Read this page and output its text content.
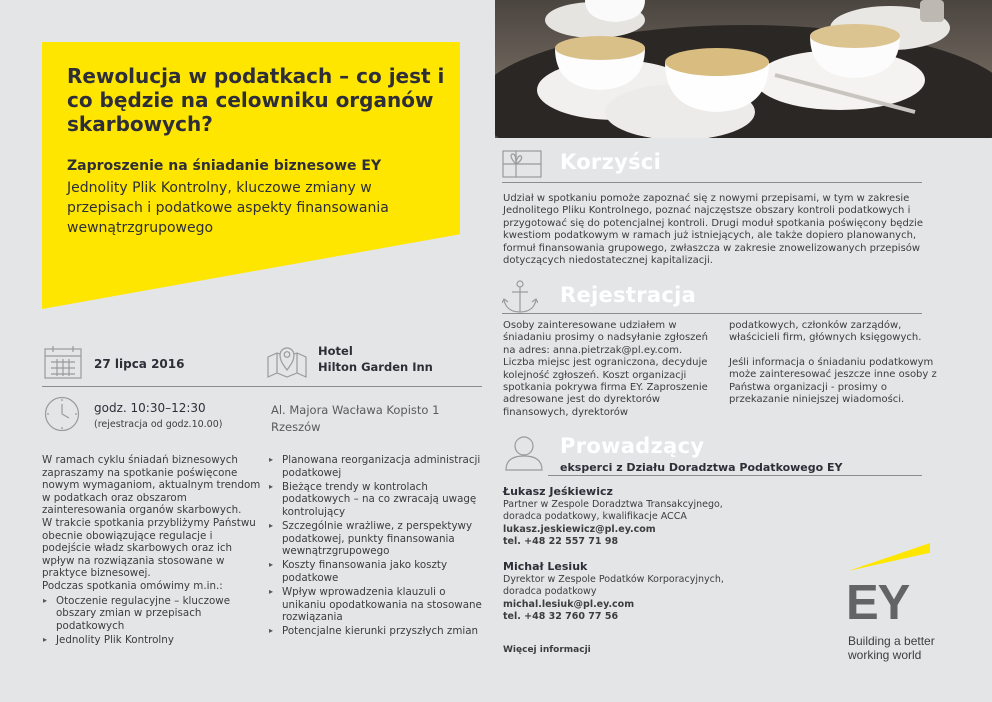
Rewolucja w podatkach – co jest i co będzie na celowniku organów skarbowych?
Zaproszenie na śniadanie biznesowe EY
Jednolity Plik Kontrolny, kluczowe zmiany w przepisach i podatkowe aspekty finansowania wewnątrzgrupowego
27 lipca 2016
Hotel
Hilton Garden Inn
godz. 10:30–12:30
(rejestracja od godz.10.00)
Al. Majora Wacława Kopisto 1
Rzeszów
W ramach cyklu śniadań biznesowych zapraszamy na spotkanie poświęcone nowym wymaganiom, aktualnym trendom w podatkach oraz obszarom zainteresowania organów skarbowych.
W trakcie spotkania przybliżymy Państwu obecnie obowiązujące regulacje i podejście władz skarbowych oraz ich wpływ na rozwiązania stosowane w praktyce biznesowej.
Podczas spotkania omówimy m.in.:
▸ Otoczenie regulacyjne – kluczowe obszary zmian w przepisach podatkowych
▸ Jednolity Plik Kontrolny
▸ Planowana reorganizacja administracji podatkowej
▸ Bieżące trendy w kontrolach podatkowych – na co zwracają uwagę kontrolujący
▸ Szczególnie wrażliwe, z perspektywy podatkowej, punkty finansowania wewnątrzgrupowego
▸ Koszty finansowania jako koszty podatkowe
▸ Wpływ wprowadzenia klauzuli o unikaniu opodatkowania na stosowane rozwiązania
▸ Potencjalne kierunki przyszłych zmian
Korzyści
Udział w spotkaniu pomoże zapoznać się z nowymi przepisami, w tym w zakresie Jednolitego Pliku Kontrolnego, poznać najczęstsze obszary kontroli podatkowych i przygotować się do potencjalnej kontroli. Drugi moduł spotkania poświęcony będzie kwestiom podatkowym w ramach już istniejących, ale także dopiero planowanych, formuł finansowania grupowego, zwłaszcza w zakresie znowelizowanych przepisów dotyczących niedostatecznej kapitalizacji.
Rejestracja
Osoby zainteresowane udziałem w śniadaniu prosimy o nadsyłanie zgłoszeń na adres: anna.pietrzak@pl.ey.com. Liczba miejsc jest ograniczona, decyduje kolejność zgłoszeń. Koszt organizacji spotkania pokrywa firma EY. Zaproszenie adresowane jest do dyrektorów finansowych, dyrektorów
podatkowych, członków zarządów, właścicieli firm, głównych księgowych.
Jeśli informacja o śniadaniu podatkowym może zainteresować jeszcze inne osoby z Państwa organizacji - prosimy o przekazanie niniejszej wiadomości.
Prowadzący
eksperci z Działu Doradztwa Podatkowego EY
Łukasz Jeśkiewicz
Partner w Zespole Doradztwa Transakcyjnego,
doradca podatkowy, kwalifikacje ACCA
lukasz.jeskiewicz@pl.ey.com
tel. +48 22 557 71 98
Michał Lesiuk
Dyrektor w Zespole Podatków Korporacyjnych,
doradca podatkowy
michal.lesiuk@pl.ey.com
tel. +48 32 760 77 56
Więcej informacji
EY
Building a better
working world
